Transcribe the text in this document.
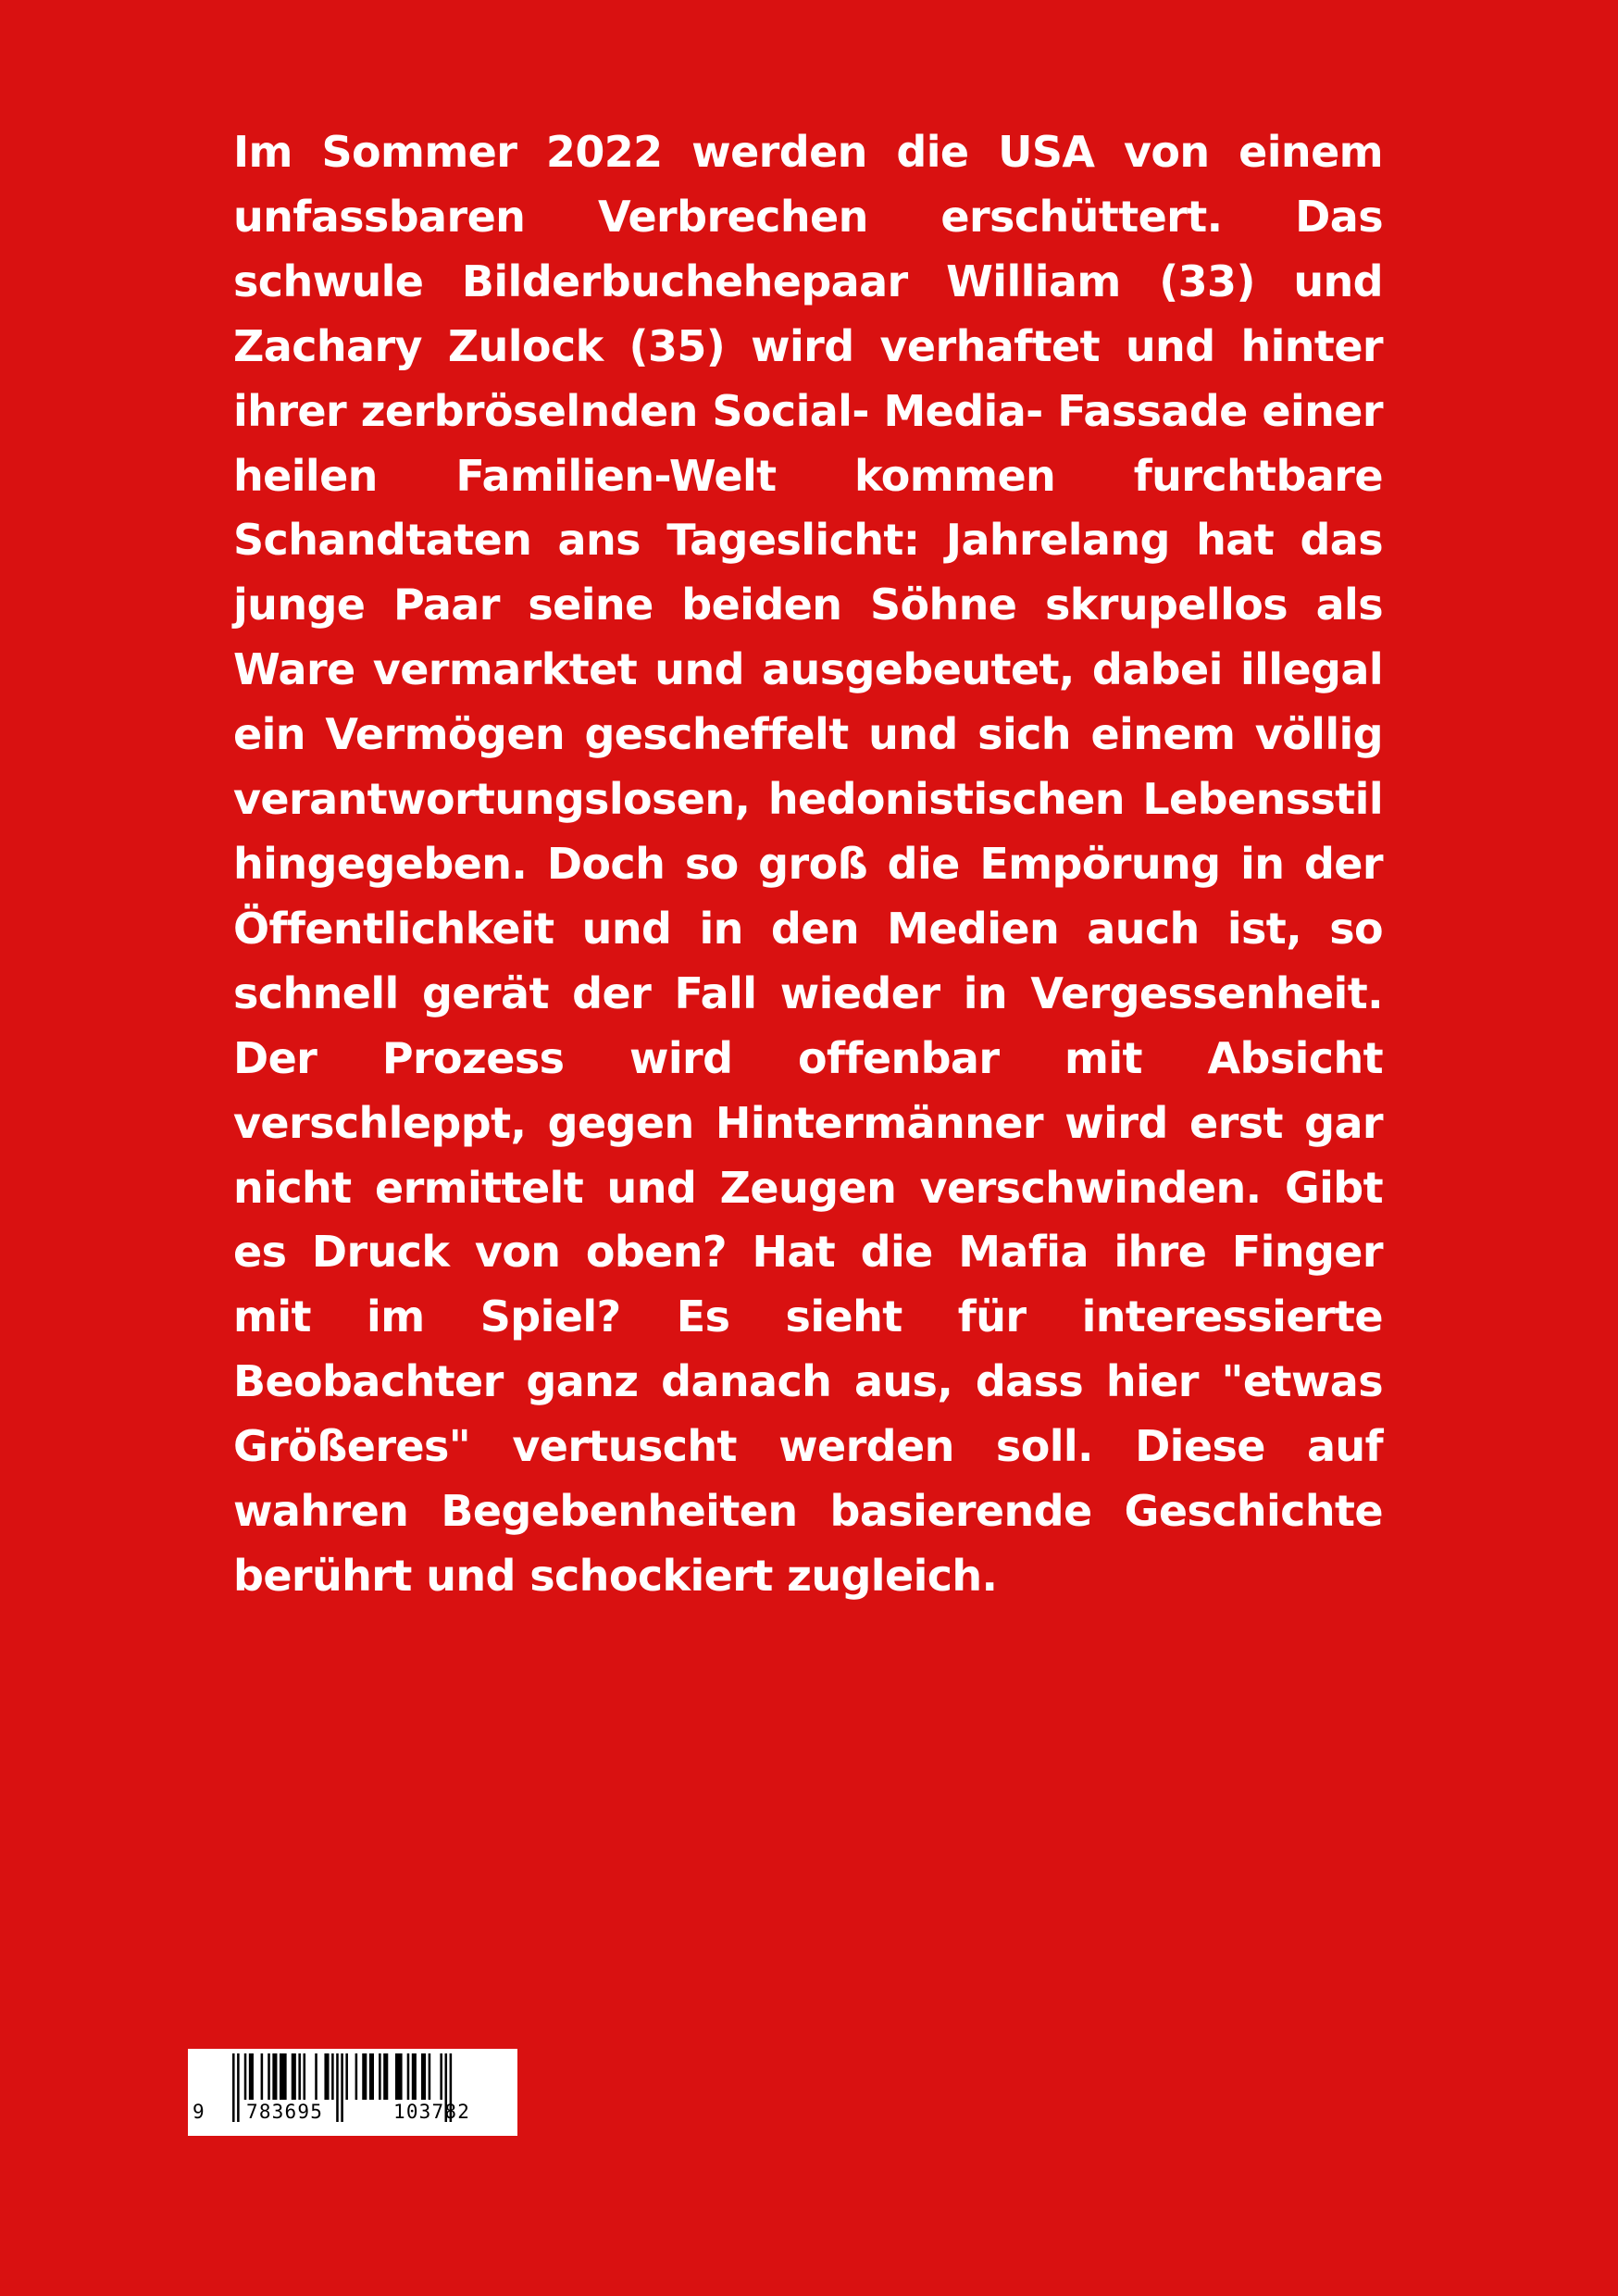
Im Sommer 2022 werden die USA von einem unfassbaren Verbrechen erschüttert. Das schwule Bilderbuchehepaar William (33) und Zachary Zulock (35) wird verhaftet und hinter ihrer zerbröselnden Social- Media- Fassade einer heilen Familien-Welt kommen furchtbare Schandtaten ans Tageslicht: Jahrelang hat das junge Paar seine beiden Söhne skrupellos als Ware vermarktet und ausgebeutet, dabei illegal ein Vermögen gescheffelt und sich einem völlig verantwortungslosen, hedonistischen Lebensstil hingegeben. Doch so groß die Empörung in der Öffentlichkeit und in den Medien auch ist, so schnell gerät der Fall wieder in Vergessenheit. Der Prozess wird offenbar mit Absicht verschleppt, gegen Hintermänner wird erst gar nicht ermittelt und Zeugen verschwinden. Gibt es Druck von oben? Hat die Mafia ihre Finger mit im Spiel? Es sieht für interessierte Beobachter ganz danach aus, dass hier "etwas Größeres" vertuscht werden soll. Diese auf wahren Begebenheiten basierende Geschichte berührt und schockiert zugleich.

9 783695	103782
